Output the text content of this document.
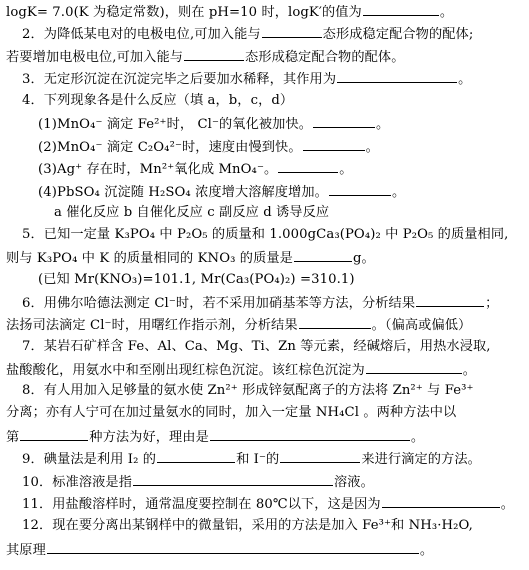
logK= 7.0(K 为稳定常数)，则在 pH=10 时，logK′的值为	。
2．为降低某电对的电极电位,可加入能与	态形成稳定配合物的配体;
若要增加电极电位,可加入能与	态形成稳定配合物的配体。
3．无定形沉淀在沉淀完毕之后要加水稀释，其作用为	。
4．下列现象各是什么反应（填 a，b，c，d）
(1)MnO₄⁻ 滴定 Fe²⁺时， Cl⁻的氧化被加快。	。
(2)MnO₄⁻ 滴定 C₂O₄²⁻时，速度由慢到快。	。
(3)Ag⁺ 存在时，Mn²⁺氧化成 MnO₄⁻。	。
(4)PbSO₄ 沉淀随 H₂SO₄ 浓度增大溶解度增加。	。
a 催化反应 b 自催化反应 c 副反应 d 诱导反应
5．已知一定量 K₃PO₄ 中 P₂O₅ 的质量和 1.000gCa₃(PO₄)₂ 中 P₂O₅ 的质量相同,
则与 K₃PO₄ 中 K 的质量相同的 KNO₃ 的质量是	g。
(已知 Mr(KNO₃)=101.1, Mr(Ca₃(PO₄)₂) =310.1)
6．用佛尔哈德法测定 Cl⁻时，若不采用加硝基苯等方法，分析结果	；
法扬司法滴定 Cl⁻时，用曙红作指示剂，分析结果	。（偏高或偏低）
7．某岩石矿样含 Fe、Al、Ca、Mg、Ti、Zn 等元素，经碱熔后，用热水浸取,
盐酸酸化，用氨水中和至刚出现红棕色沉淀。该红棕色沉淀为	。
8．有人用加入足够量的氨水使 Zn²⁺ 形成锌氨配离子的方法将 Zn²⁺ 与 Fe³⁺
分离；亦有人宁可在加过量氨水的同时，加入一定量 NH₄Cl 。两种方法中以
第	种方法为好，理由是	。
9．碘量法是利用 I₂ 的	和 I⁻的	来进行滴定的方法。
10．标准溶液是指	溶液。
11．用盐酸溶样时，通常温度要控制在 80℃以下，这是因为	。
12．现在要分离出某钢样中的微量铝，采用的方法是加入 Fe³⁺和 NH₃·H₂O,
其原理	。
